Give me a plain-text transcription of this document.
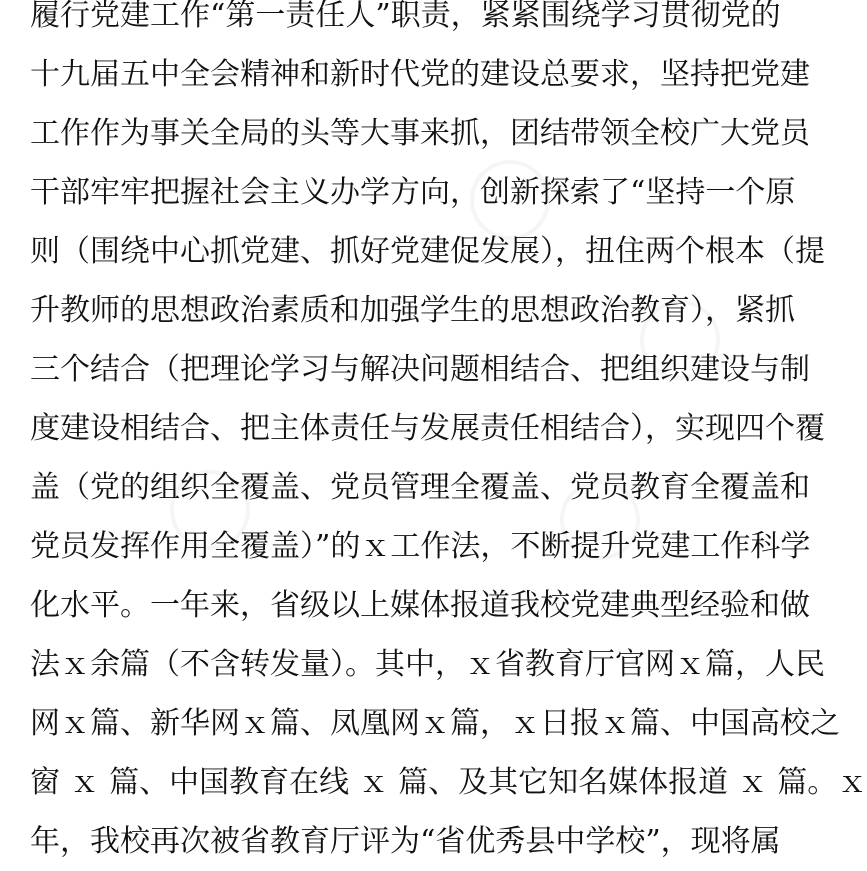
履行党建工作“第一责任人”职责，紧紧围绕学习贯彻党的
十九届五中全会精神和新时代党的建设总要求，坚持把党建
工作作为事关全局的头等大事来抓，团结带领全校广大党员
干部牢牢把握社会主义办学方向，创新探索了“坚持一个原
则（围绕中心抓党建、抓好党建促发展），扭住两个根本（提
升教师的思想政治素质和加强学生的思想政治教育），紧抓
三个结合（把理论学习与解决问题相结合、把组织建设与制
度建设相结合、把主体责任与发展责任相结合），实现四个覆
盖（党的组织全覆盖、党员管理全覆盖、党员教育全覆盖和
党员发挥作用全覆盖）”的ｘ工作法，不断提升党建工作科学
化水平。一年来，省级以上媒体报道我校党建典型经验和做
法ｘ余篇（不含转发量）。其中，ｘ省教育厅官网ｘ篇，人民
网ｘ篇、新华网ｘ篇、凤凰网ｘ篇，ｘ日报ｘ篇、中国高校之
窗 ｘ 篇、中国教育在线 ｘ 篇、及其它知名媒体报道 ｘ 篇。ｘ
年，我校再次被省教育厅评为“省优秀县中学校”，现将属
